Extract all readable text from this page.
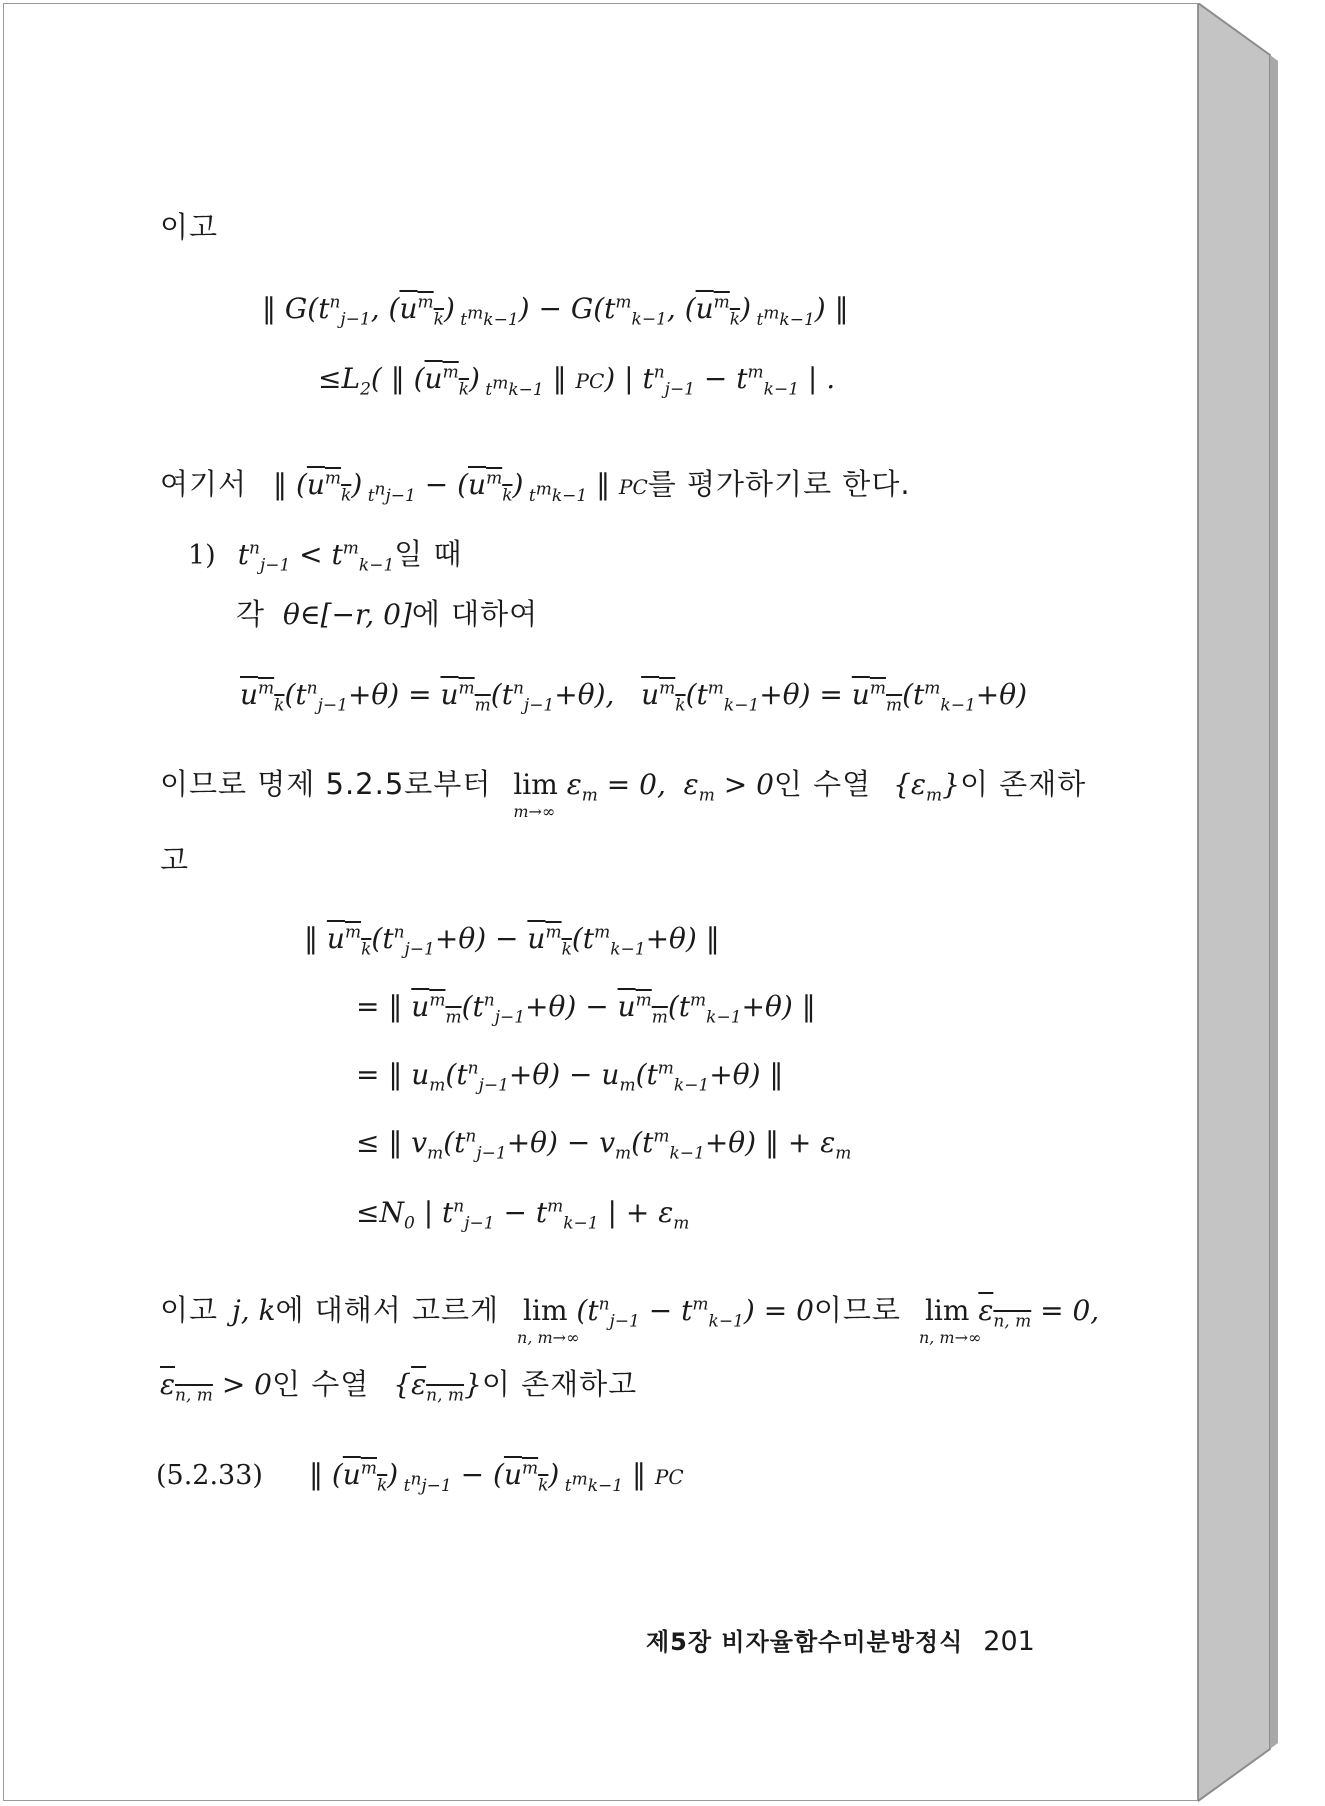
이고
‖ $G(t^n_{j-1}$, $(u^m_k) _{t^mk-1}) - G(t^m_{k-1}$, $(u^m_k)$ $_{t^mk-1}$) ‖
$\le L_2$( ‖ $(u^m_k)$ $_{t^mk-1}$ ‖ PC) | $t^n_{j-1} - t^m_{k-1}$ | .
여기서 ‖ $(u^m_k) _{t^nj-1} - (u^m_k)$ $_{t^mk-1}$ ‖ PC를 평가하기로 한다.
1) $t^n_{j-1} < t^m_{k-1}$일 때
각 θ∈[−r, 0]에 대하여
$u^m_k(t^n_{j-1}+\theta) = u^m_m(t^n_{j-1}+\theta)$,   $u^m_k(t^m_{k-1}+\theta) = u^m_m(t^m_{k-1}+\theta)$
이므로 명제 5.2.5로부터 lim
m→∞
$\varepsilon_m = 0$,  $\varepsilon_m > 0$인 수열 $\{\varepsilon_m\}$이 존재하
고
‖ $u^m_k(t^n_{j-1}+\theta) - u^m_k(t^m_{k-1}+\theta)$ ‖
= ‖ $u^m_m(t^n_{j-1}+\theta) - u^m_m(t^m_{k-1}+\theta)$ ‖
= ‖ $u_m(t^n_{j-1}+\theta) - u_m(t^m_{k-1}+\theta)$ ‖
≤ ‖ $v_m(t^n_{j-1}+\theta) - v_m(t^m_{k-1}+\theta)$ ‖ + $\varepsilon_m$
$\le N_0$ | $t^n_{j-1} - t^m_{k-1}$ | + $\varepsilon_m$
이고 j, k에 대해서 고르게 lim
n, m→∞
$(t^n_{j-1} - t^m_{k-1}) = 0$이므로 lim
n, m→∞
$\varepsilon_{n, m} = 0$,
$\varepsilon_{n, m} > 0$인 수열 $\{\varepsilon_{n, m}\}$이 존재하고
(5.2.33) ‖ $(u^m_k) _{t^nj-1} - (u^m_k)$ $_{t^mk-1}$ ‖ PC
제5장 비자율함수미분방정식 201
